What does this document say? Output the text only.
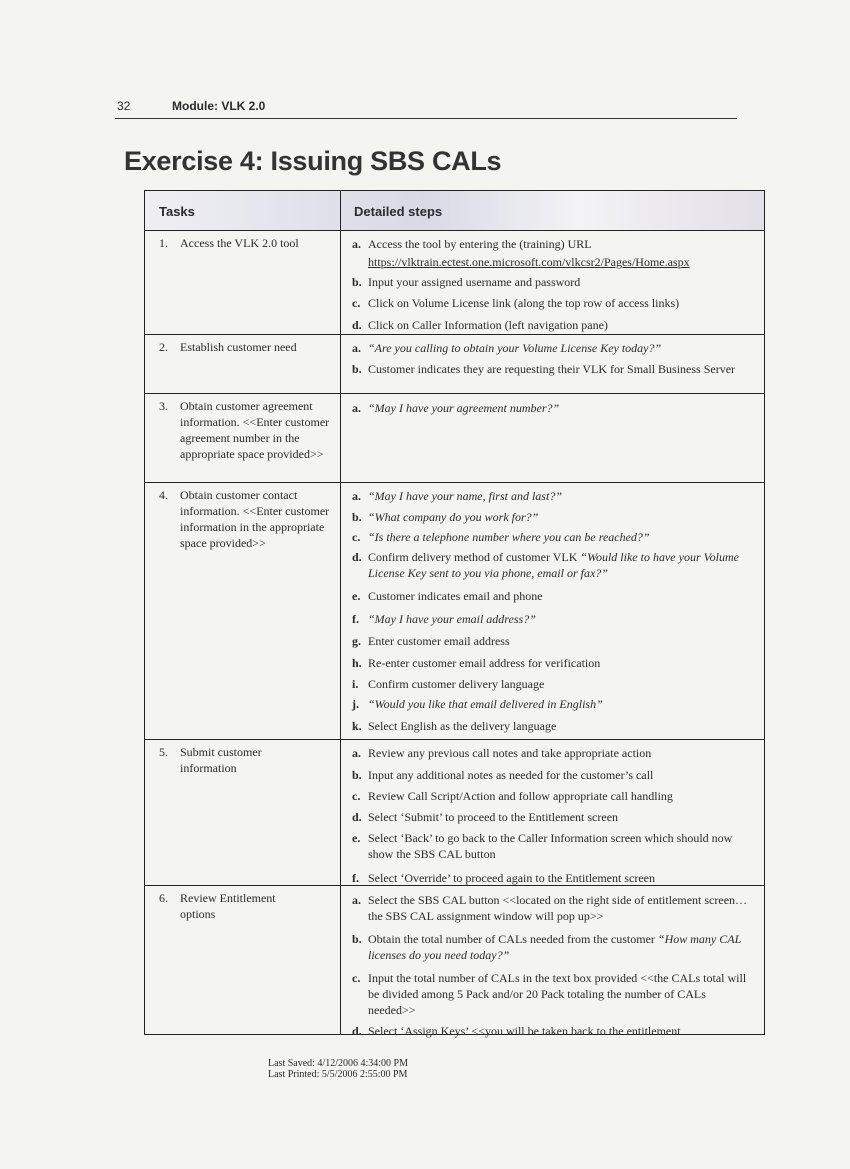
32	Module: VLK 2.0
Exercise 4: Issuing SBS CALs
Tasks	Detailed steps
1.	Access the VLK 2.0 tool	a. Access the tool by entering the (training) URL
https://vlktrain.ectest.one.microsoft.com/vlkcsr2/Pages/Home.aspx
b. Input your assigned username and password
c. Click on Volume License link (along the top row of access links)
d. Click on Caller Information (left navigation pane)
2.	Establish customer need	a. “Are you calling to obtain your Volume License Key today?”
b. Customer indicates they are requesting their VLK for Small Business Server
3.	Obtain customer agreement information. <<Enter customer agreement number in the appropriate space provided>>
a. “May I have your agreement number?”
4.	Obtain customer contact information. <<Enter customer information in the appropriate space provided>>
a. “May I have your name, first and last?”
b. “What company do you work for?”
c. “Is there a telephone number where you can be reached?”
d. Confirm delivery method of customer VLK “Would like to have your Volume License Key sent to you via phone, email or fax?”
e. Customer indicates email and phone
f. “May I have your email address?”
g. Enter customer email address
h. Re-enter customer email address for verification
i. Confirm customer delivery language
j. “Would you like that email delivered in English”
k. Select English as the delivery language
5.	Submit customer information
a. Review any previous call notes and take appropriate action
b. Input any additional notes as needed for the customer’s call
c. Review Call Script/Action and follow appropriate call handling
d. Select ‘Submit’ to proceed to the Entitlement screen
e. Select ‘Back’ to go back to the Caller Information screen which should now show the SBS CAL button
f. Select ‘Override’ to proceed again to the Entitlement screen
6.	Review Entitlement options
a. Select the SBS CAL button <<located on the right side of entitlement screen…the SBS CAL assignment window will pop up>>
b. Obtain the total number of CALs needed from the customer “How many CAL licenses do you need today?”
c. Input the total number of CALs in the text box provided <<the CALs total will be divided among 5 Pack and/or 20 Pack totaling the number of CALs needed>>
d. Select ‘Assign Keys’ <<you will be taken back to the entitlement
Last Saved: 4/12/2006 4:34:00 PM
Last Printed: 5/5/2006 2:55:00 PM
